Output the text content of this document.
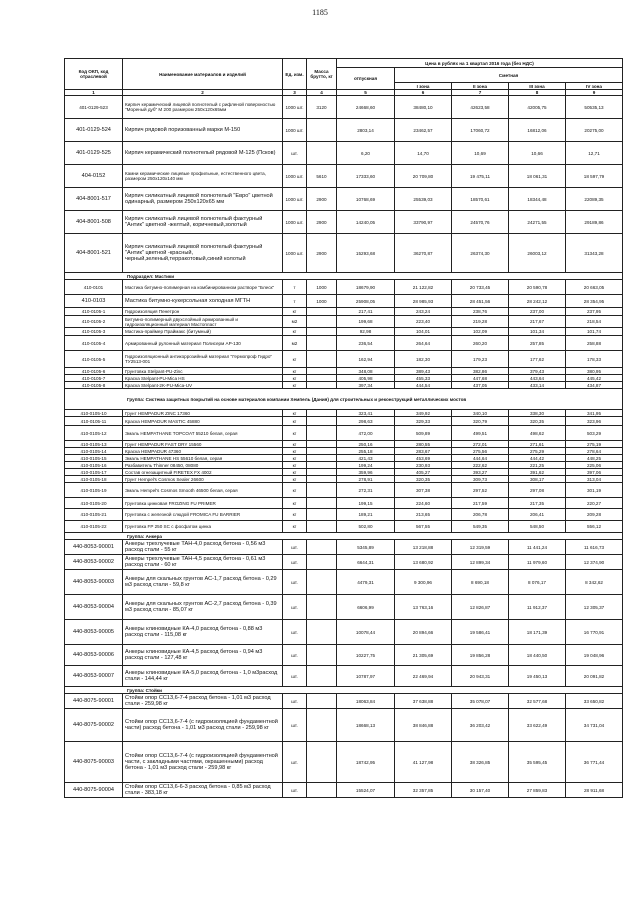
1185
Код ОКП, код отраслевой	Наименование материалов и изделий	Ед. изм.	Масса брутто, кг	Цена в рублях на 1 квартал 2016 года (без НДС)				
				отпускная	Сметная			
					I зона	II зона	III зона	IV зона
1	2	3	4	5	6	7	8	9
401-0129-523	Кирпич керамический лицевой полнотелый с рифленой поверхностью "Мореный дуб" М 200 размером 250х120х65мм	1000 шт.	3120	24668,60	38480,10	42623,58	42005,75	50535,13
401-0129-524	Кирпич рядовой поризованный марки М-150	1000 шт.		2803,14	23462,57	17060,72	16812,06	20275,00
401-0129-525	Кирпич керамический полнотелый рядовой М-125 (Псков)	шт.		6,20	14,70	10,69	10,66	12,71
404-0152	Камни керамические лицевые профильные, естественного цвета, размером 250х120х140 мм	1000 шт.	5610	17333,60	20 709,80	19 475,11	18 061,31	18 597,79
404-8001-517	Кирпич силикатный лицевой полнотелый "Евро" цветной одинарный, размером 250х120х65 мм	1000 шт.	2900	10768,69	25539,03	18570,61	18344,48	22089,35
404-8001-508	Кирпич силикатный лицевой полнотелый фактурный "Антик" цветной -желтый, коричневый,золотый	1000 шт.	2900	14240,05	33790,97	24570,76	24271,55	29189,86
404-8001-521	Кирпич силикатный лицевой полнотелый фактурный "Антик" цветной -красный, черный,зеленый,терракотовый,синий колотый	1000 шт.	2900	15293,68	36270,87	26374,30	26003,12	31343,28
Подраздел: Мастики								
410-0101	Мастика битумно-полимерная на комбинированном растворе "Блеск"	т	1000	18679,90	21 122,82	20 733,45	20 590,78	20 663,05
410-0103	Мастика битумно-кукерсольная холодная МГТН	т	1000	25908,05	28 985,93	28 451,56	28 242,12	28 354,95
410-0105-1	Гидроизоляция Пенетрон	кг		217,41	243,24	238,76	237,00	237,95
410-0105-2	Битумно-полимерный двухслойный армированный и гидроизоляционный материал Мастоплаcт	м2		199,68	223,40	219,28	217,67	218,54
410-0105-3	Мастика-праймер Праймакс (битумный)	кг		92,98	104,01	102,09	101,34	101,74
410-0105-4	Армированный рулонный материал Полисерм АР-130	м2		236,54	264,64	260,20	257,85	258,88
410-0105-5	Гидроизоляционный антикоррозийный материал "Гермопроф Гидро" ТУ2513-001	кг		162,94	182,30	179,23	177,62	178,33
410-0105-6	Грунтовка Stelpant-PU-Zinc	кг		348,08	389,43	382,86	379,43	380,95
410-0105-7	Краска Stelpant-PU-Mica HS	кг		405,98	455,33	447,68	443,64	445,42
410-0105-8	Краска Stelpant-2K-PU-Mica-UV	кг		397,34	444,54	437,05	433,14	434,87
Группа: Система защитных покрытий на основе материалов компании Хемпель (Дания) для строительных и реконструкций металлических мостов								
410-0105-10	Грунт HEMPADUR ZINC 17360	кг		323,41	349,92	340,10	338,30	341,95
410-0105-11	Краска HEMPADUR MASTIC 45880	кг		298,63	329,33	320,79	320,35	323,96
410-0105-12	Эмаль HEMPATHANE TOPCOAT 55210 белая, серая	кг		472,00	509,89	499,51	498,62	503,29
410-0105-13	Грунт HEMPADUR FAST DRY 15560	кг		250,16	280,55	272,01	271,61	275,19
410-0105-14	Краска HEMPADUR 47360	кг		255,18	283,67	275,56	275,29	278,64
410-0105-15	Эмаль HEMPATHANE HS 55610 белая, серая	кг		421,43	453,69	444,64	444,42	448,25
410-0105-16	Разбавитель Thinner 08450, 08080	кг		199,24	230,93	222,62	221,25	225,06
410-0105-17	Состав огнезащитный FIRETEX FX 4002	кг		359,96	405,27	393,27	391,62	397,06
410-0105-18	Грунт Hempel's Cosmos Sealer 26600	кг		278,91	320,35	309,73	308,17	313,04
410-0105-19	Эмаль Hempel's Cosmos Smooth 46500 белая, серая	кг		272,31	307,38	297,52	297,08	301,19
410-0105-20	Грунтовка цинковая FROZING FU PRIMER	кг		199,15	224,60	217,59	217,35	220,27
410-0105-21	Грунтовка с железной слюдой FROMICA FU BARRIER	кг		189,21	213,65	206,78	206,41	209,28
410-0105-22	Грунтовка FP 250 SC с фосфатом цинка	кг		502,80	567,55	549,35	548,50	556,12
Группа: Анкера								
440-8053-90001	Анкеры трехлучевые ТАН-4,0 расход бетона - 0,56 м3 расход стали - 55 кг	шт.		5345,89	13 218,88	12 319,59	11 441,24	11 616,73
440-8053-90002	Анкеры трехлучевые ТАН-4,5 расход бетона - 0,61 м3 расход стали - 60 кг	шт.		6644,31	13 680,92	12 899,34	11 979,60	12 374,90
440-8053-90003	Анкеры для скальных грунтов АС-1,7 расход бетона - 0,29 м3 расход стали - 59,8 кг	шт.		4479,31	9 300,96	8 690,18	8 076,17	8 342,62
440-8053-90004	Анкеры для скальных грунтов АС-2,7 расход бетона - 0,39 м3 расход стали - 85,07 кг	шт.		6606,99	13 763,16	12 826,87	11 912,37	12 305,37
440-8053-90005	Анкеры клиновидные КА-4,0 расход бетона - 0,88 м3 расход стали - 115,08 кг	шт.		10078,44	20 894,66	19 586,41	18 171,39	16 770,91
440-8053-90006	Анкеры клиновидные КА-4,5 расход бетона - 0,94 м3 расход стали - 127,48 кг	шт.		10227,75	21 305,69	19 856,28	18 440,50	19 048,96
440-8053-90007	Анкеры клиновидные КА-5,0 расход бетона - 1,0 м3расход стали - 144,44 кг	шт.		10787,97	22 469,94	20 943,31	19 450,13	20 091,82
Группа: Стойки								
440-8075-90001	Стойки опор СС13,6-7-4 расход бетона - 1,01 м3 расход стали - 259,98 кг	шт.		18063,84	37 638,88	35 078,07	32 577,68	33 650,82
440-8075-90002	Стойки опор СС13,6-7-4 (с гидроизоляцией фундаментной части) расход бетона - 1,01 м3 расход стали - 259,98 кг	шт.		18668,13	38 846,88	36 203,42	33 622,49	34 731,04
440-8075-90003	Стойки опор СС13,6-7-4 (с гидроизоляцией фундаментной части, с закладными частями, окрашенными) расход бетона - 1,01 м3 расход стали - 259,98 кг	шт.		18742,95	41 127,98	38 326,85	35 595,45	36 771,44
440-8075-90004	Стойки опор СС13,6-6-3 расход бетона - 0,85 м3 расход стали - 383,18 кг	шт.		15524,07	32 357,85	30 157,40	27 859,83	28 911,68
